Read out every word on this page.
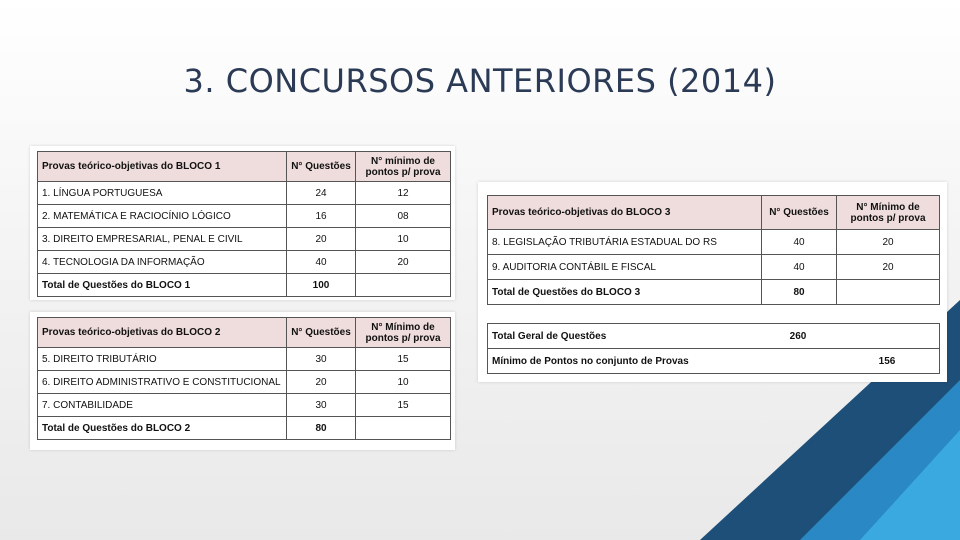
3. CONCURSOS ANTERIORES (2014)
Provas teórico-objetivas do BLOCO 1	N° Questões	N° mínimo de pontos p/ prova
1. LÍNGUA PORTUGUESA	24	12
2. MATEMÁTICA E RACIOCÍNIO LÓGICO	16	08
3. DIREITO EMPRESARIAL, PENAL E CIVIL	20	10
4. TECNOLOGIA DA INFORMAÇÃO	40	20
Total de Questões do BLOCO 1	100	
Provas teórico-objetivas do BLOCO 2	N° Questões	N° Mínimo de pontos p/ prova
5. DIREITO TRIBUTÁRIO	30	15
6. DIREITO ADMINISTRATIVO E CONSTITUCIONAL	20	10
7. CONTABILIDADE	30	15
Total de Questões do BLOCO 2	80	
Provas teórico-objetivas do BLOCO 3	N° Questões	N° Mínimo de pontos p/ prova
8. LEGISLAÇÃO TRIBUTÁRIA ESTADUAL DO RS	40	20
9. AUDITORIA CONTÁBIL E FISCAL	40	20
Total de Questões do BLOCO 3	80	
Total Geral de Questões	260	
Mínimo de Pontos no conjunto de Provas		156
